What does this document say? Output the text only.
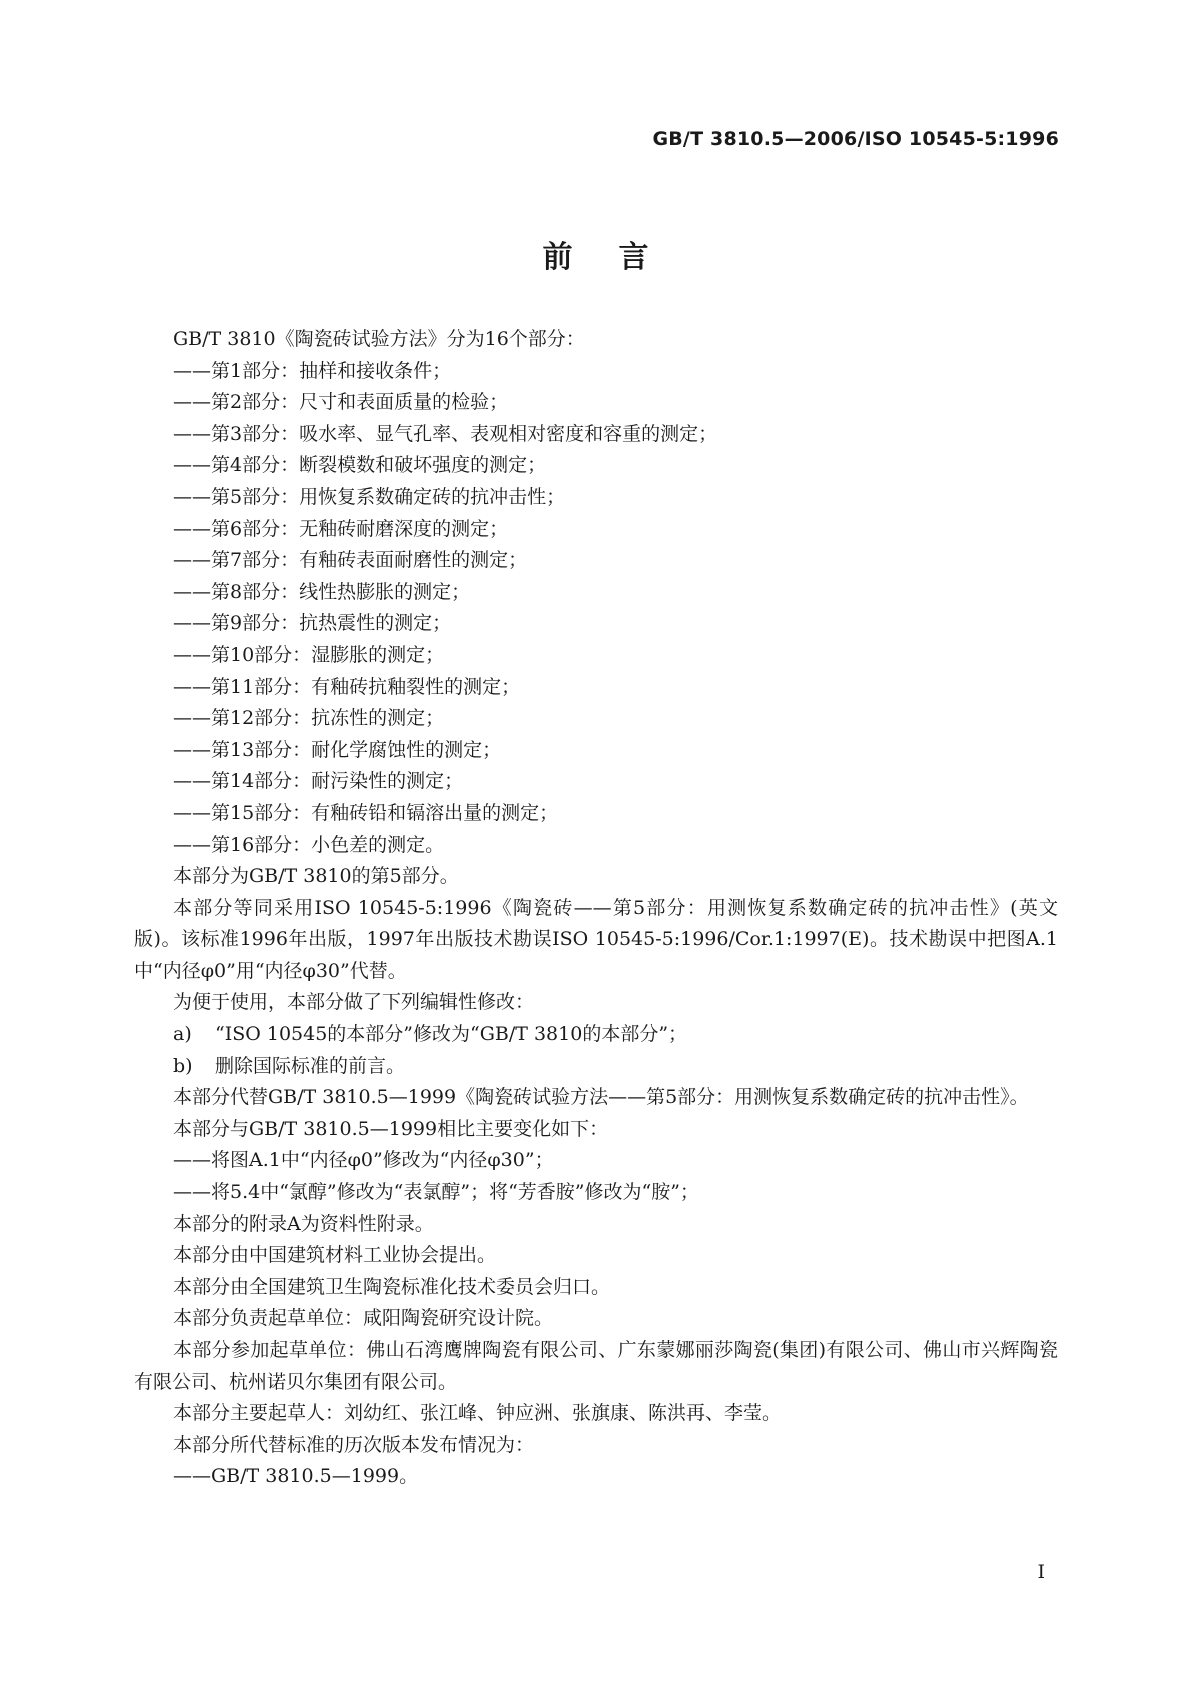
GB/T 3810.5—2006/ISO 10545-5:1996
前言

GB/T 3810《陶瓷砖试验方法》分为16个部分：

——第1部分：抽样和接收条件；

——第2部分：尺寸和表面质量的检验；

——第3部分：吸水率、显气孔率、表观相对密度和容重的测定；

——第4部分：断裂模数和破坏强度的测定；

——第5部分：用恢复系数确定砖的抗冲击性；

——第6部分：无釉砖耐磨深度的测定；

——第7部分：有釉砖表面耐磨性的测定；

——第8部分：线性热膨胀的测定；

——第9部分：抗热震性的测定；

——第10部分：湿膨胀的测定；

——第11部分：有釉砖抗釉裂性的测定；

——第12部分：抗冻性的测定；

——第13部分：耐化学腐蚀性的测定；

——第14部分：耐污染性的测定；

——第15部分：有釉砖铅和镉溶出量的测定；

——第16部分：小色差的测定。

本部分为GB/T 3810的第5部分。

本部分等同采用ISO 10545-5:1996《陶瓷砖——第5部分：用测恢复系数确定砖的抗冲击性》(英文版)。该标准1996年出版，1997年出版技术勘误ISO 10545-5:1996/Cor.1:1997(E)。技术勘误中把图A.1中“内径φ0”用“内径φ30”代替。

为便于使用，本部分做了下列编辑性修改：

a) “ISO 10545的本部分”修改为“GB/T 3810的本部分”；

b) 删除国际标准的前言。

本部分代替GB/T 3810.5—1999《陶瓷砖试验方法——第5部分：用测恢复系数确定砖的抗冲击性》。

本部分与GB/T 3810.5—1999相比主要变化如下：

——将图A.1中“内径φ0”修改为“内径φ30”；

——将5.4中“氯醇”修改为“表氯醇”；将“芳香胺”修改为“胺”；

本部分的附录A为资料性附录。

本部分由中国建筑材料工业协会提出。

本部分由全国建筑卫生陶瓷标准化技术委员会归口。

本部分负责起草单位：咸阳陶瓷研究设计院。

本部分参加起草单位：佛山石湾鹰牌陶瓷有限公司、广东蒙娜丽莎陶瓷(集团)有限公司、佛山市兴辉陶瓷有限公司、杭州诺贝尔集团有限公司。

本部分主要起草人：刘幼红、张江峰、钟应洲、张旗康、陈洪再、李莹。

本部分所代替标准的历次版本发布情况为：

——GB/T 3810.5—1999。

I
